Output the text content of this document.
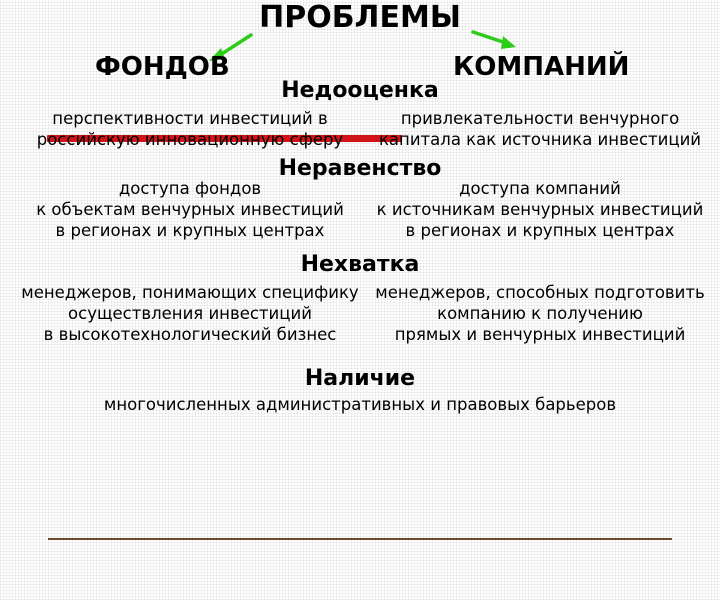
ПРОБЛЕМЫ
ФОНДОВ	КОМПАНИЙ
Недооценка
перспективности инвестиций в
российскую инновационную сферу
привлекательности венчурного
капитала как источника инвестиций
Неравенство
доступа фондов
к объектам венчурных инвестиций
в регионах и крупных центрах
доступа компаний
к источникам венчурных инвестиций
в регионах и крупных центрах
Нехватка
менеджеров, понимающих специфику
осуществления инвестиций
в высокотехнологический бизнес
менеджеров, способных подготовить
компанию к получению
прямых и венчурных инвестиций
Наличие
многочисленных административных и правовых барьеров
